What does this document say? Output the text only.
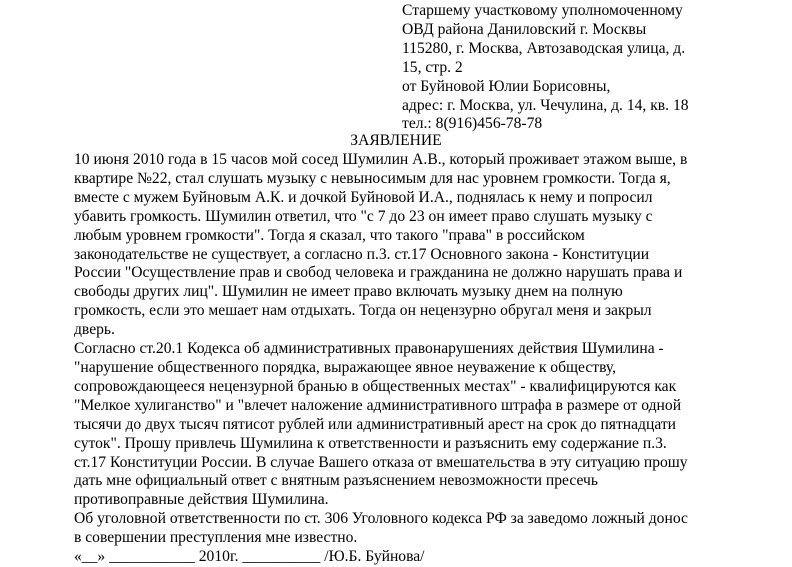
Старшему участковому уполномоченному
ОВД района Даниловский г. Москвы
115280, г. Москва, Автозаводская улица, д.
15, стр. 2
от Буйновой Юлии Борисовны,
адрес: г. Москва, ул. Чечулина, д. 14, кв. 18
тел.: 8(916)456-78-78
ЗАЯВЛЕНИЕ
10 июня 2010 года в 15 часов мой сосед Шумилин А.В., который проживает этажом выше, в
квартире №22, стал слушать музыку с невыносимым для нас уровнем громкости. Тогда я,
вместе с мужем Буйновым А.К. и дочкой Буйновой И.А., поднялась к нему и попросил
убавить громкость. Шумилин ответил, что "с 7 до 23 он имеет право слушать музыку с
любым уровнем громкости". Тогда я сказал, что такого "права" в российском
законодательстве не существует, а согласно п.3. ст.17 Основного закона - Конституции
России "Осуществление прав и свобод человека и гражданина не должно нарушать права и
свободы других лиц". Шумилин не имеет право включать музыку днем на полную
громкость, если это мешает нам отдыхать. Тогда он нецензурно обругал меня и закрыл
дверь.
Согласно ст.20.1 Кодекса об административных правонарушениях действия Шумилина -
"нарушение общественного порядка, выражающее явное неуважение к обществу,
сопровождающееся нецензурной бранью в общественных местах" - квалифицируются как
"Мелкое хулиганство" и "влечет наложение административного штрафа в размере от одной
тысячи до двух тысяч пятисот рублей или административный арест на срок до пятнадцати
суток". Прошу привлечь Шумилина к ответственности и разъяснить ему содержание п.3.
ст.17 Конституции России. В случае Вашего отказа от вмешательства в эту ситуацию прошу
дать мне официальный ответ с внятным разъяснением невозможности пресечь
противоправные действия Шумилина.
Об уголовной ответственности по ст. 306 Уголовного кодекса РФ за заведомо ложный донос
в совершении преступления мне известно.
«__» ___________ 2010г. __________ /Ю.Б. Буйнова/
